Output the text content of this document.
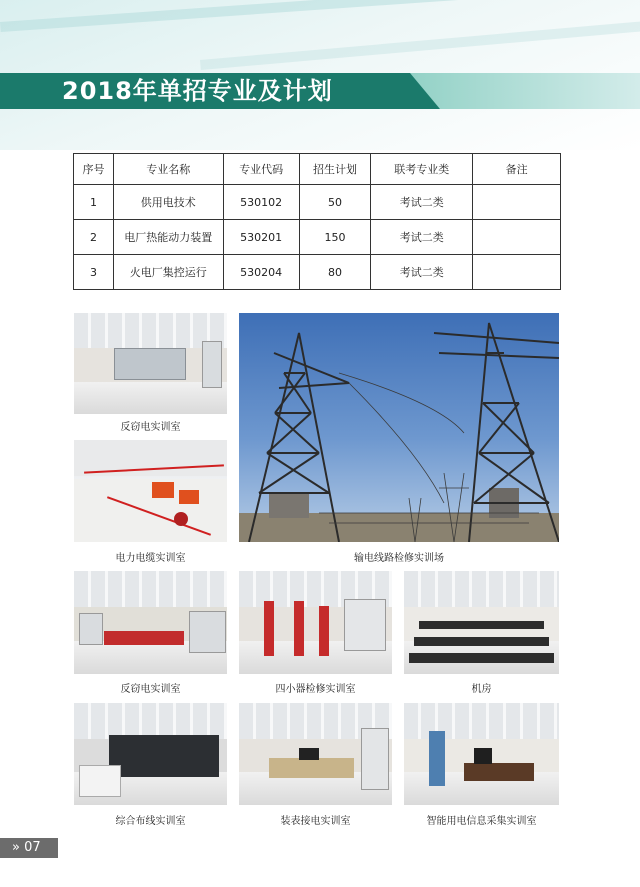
2018年单招专业及计划
序号	专业名称	专业代码	招生计划	联考专业类	备注
1	供用电技术	530102	50	考试二类	
2	电厂热能动力装置	530201	150	考试二类	
3	火电厂集控运行	530204	80	考试二类	
反窃电实训室
电力电缆实训室	输电线路检修实训场
反窃电实训室	四小器检修实训室	机房
综合布线实训室	装表接电实训室	智能用电信息采集实训室
» 07
